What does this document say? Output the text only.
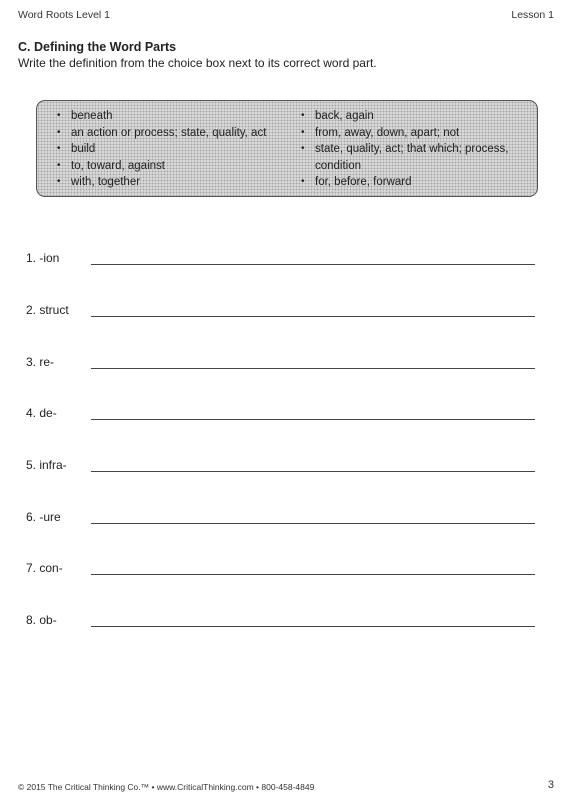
Word Roots Level 1	Lesson 1
C. Defining the Word Parts
Write the definition from the choice box next to its correct word part.
• beneath
• an action or process; state, quality, act
• build
• to, toward, against
• with, together
• back, again
• from, away, down, apart; not
• state, quality, act; that which; process, condition
• for, before, forward
1. -ion
2. struct
3. re-
4. de-
5. infra-
6. -ure
7. con-
8. ob-
© 2015 The Critical Thinking Co.™ • www.CriticalThinking.com • 800-458-4849	3
